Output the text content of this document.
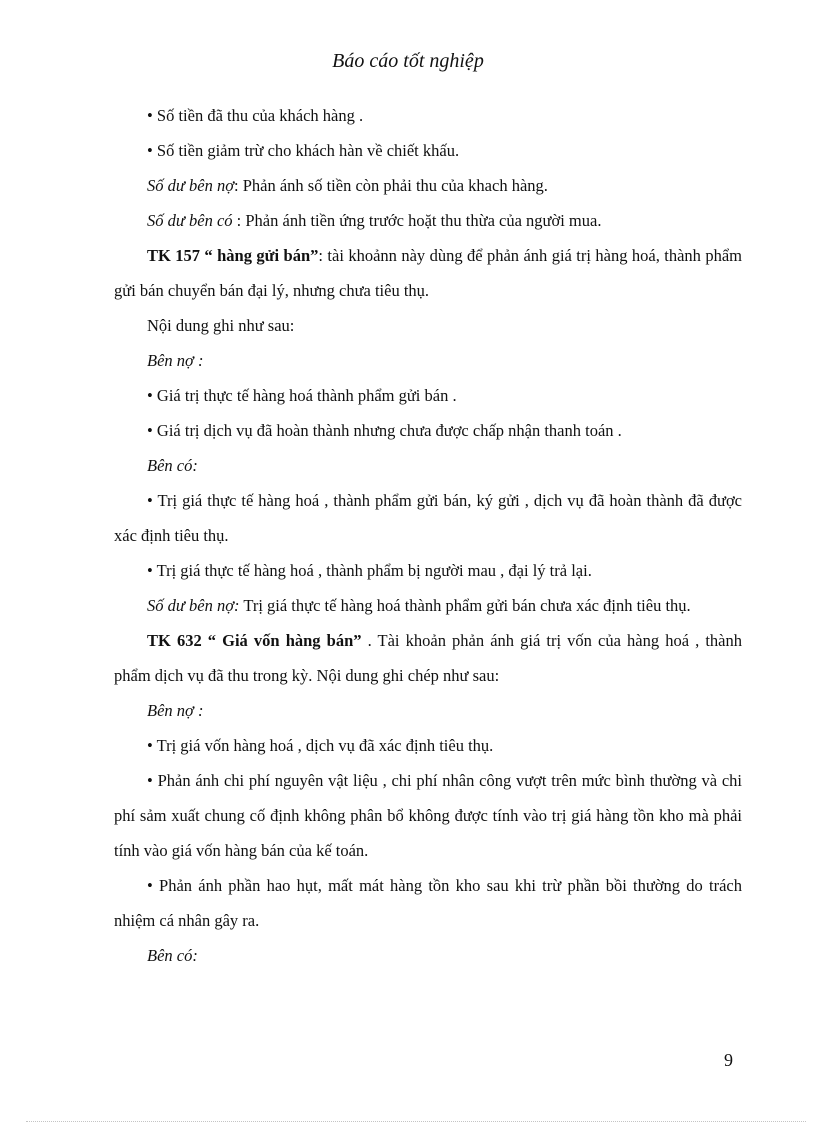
Báo cáo tốt nghiệp

• Số tiền đã thu của khách hàng .

• Số tiền giảm trừ cho khách hàn về chiết khấu.

Số dư bên nợ: Phản ánh số tiền còn phải thu của khach hàng.

Số dư bên có : Phản ánh tiền ứng trước hoặt thu thừa của người mua.

TK 157 “ hàng gửi bán”: tài khoảnn này dùng để phản ánh giá trị hàng hoá, thành phẩm gửi bán chuyển bán đại lý, nhưng chưa tiêu thụ.

Nội dung ghi như sau:

Bên nợ :

• Giá trị thực tế hàng hoá thành phẩm gửi bán .

• Giá trị dịch vụ đã hoàn thành nhưng chưa được chấp nhận thanh toán .

Bên có:

• Trị giá thực tế hàng hoá , thành phẩm gửi bán, ký gửi , dịch vụ đã hoàn thành đã được xác định tiêu thụ.

• Trị giá thực tế hàng hoá , thành phẩm bị người mau , đại lý trả lại.

Số dư bên nợ: Trị giá thực tế hàng hoá thành phẩm gửi bán chưa xác định tiêu thụ.

TK 632 “ Giá vốn hàng bán” . Tài khoản phản ánh giá trị vốn của hàng hoá , thành phẩm dịch vụ đã thu trong kỳ. Nội dung ghi chép như sau:

Bên nợ :

• Trị giá vốn hàng hoá , dịch vụ đã xác định tiêu thụ.

• Phản ánh chi phí nguyên vật liệu , chi phí nhân công vượt trên mức bình thường và chi phí sảm xuất chung cố định không phân bổ không được tính vào trị giá hàng tồn kho mà phải tính vào giá vốn hàng bán của kế toán.

• Phản ánh phần hao hụt, mất mát hàng tồn kho sau khi trừ phần bồi thường do trách nhiệm cá nhân gây ra.

Bên có:

9
